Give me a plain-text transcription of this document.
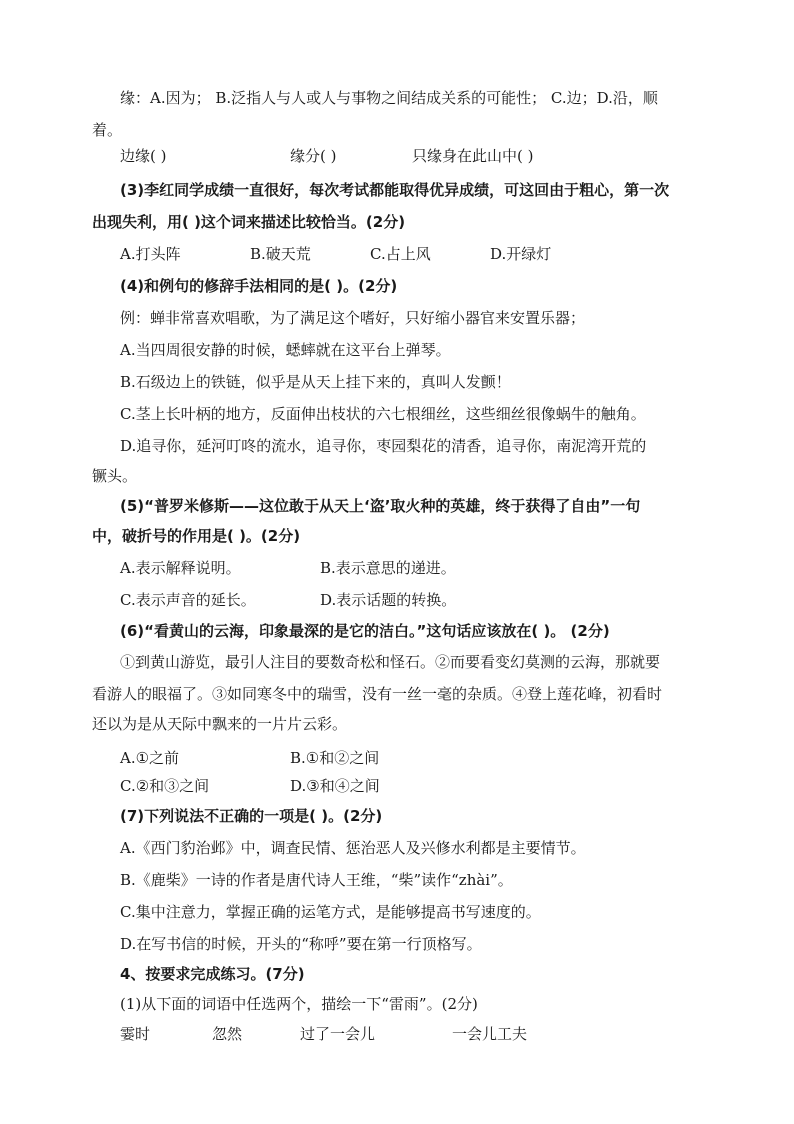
缘：A.因为； B.泛指人与人或人与事物之间结成关系的可能性； C.边；D.沿，顺
着。
边缘( )	缘分( )	只缘身在此山中( )
(3)李红同学成绩一直很好，每次考试都能取得优异成绩，可这回由于粗心，第一次
出现失利，用( )这个词来描述比较恰当。(2分)
A.打头阵	B.破天荒	C.占上风	D.开绿灯
(4)和例句的修辞手法相同的是( )。(2分)
例：蝉非常喜欢唱歌，为了满足这个嗜好，只好缩小器官来安置乐器；
A.当四周很安静的时候，蟋蟀就在这平台上弹琴。
B.石级边上的铁链，似乎是从天上挂下来的，真叫人发颤！
C.茎上长叶柄的地方，反面伸出枝状的六七根细丝，这些细丝很像蜗牛的触角。
D.追寻你，延河叮咚的流水，追寻你，枣园梨花的清香，追寻你，南泥湾开荒的
镢头。
(5)“普罗米修斯——这位敢于从天上‘盗’取火种的英雄，终于获得了自由”一句
中，破折号的作用是( )。(2分)
A.表示解释说明。	B.表示意思的递进。
C.表示声音的延长。	D.表示话题的转换。
(6)“看黄山的云海，印象最深的是它的洁白。”这句话应该放在( )。 (2分)
①到黄山游览，最引人注目的要数奇松和怪石。②而要看变幻莫测的云海，那就要
看游人的眼福了。③如同寒冬中的瑞雪，没有一丝一毫的杂质。④登上莲花峰，初看时
还以为是从天际中飘来的一片片云彩。
A.①之前	B.①和②之间
C.②和③之间	D.③和④之间
(7)下列说法不正确的一项是( )。(2分)
A.《西门豹治邺》中，调查民情、惩治恶人及兴修水利都是主要情节。
B.《鹿柴》一诗的作者是唐代诗人王维，“柴”读作“zhài”。
C.集中注意力，掌握正确的运笔方式，是能够提高书写速度的。
D.在写书信的时候，开头的“称呼”要在第一行顶格写。
4、按要求完成练习。(7分)
(1)从下面的词语中任选两个，描绘一下“雷雨”。(2分)
霎时	忽然	过了一会儿	一会儿工夫
